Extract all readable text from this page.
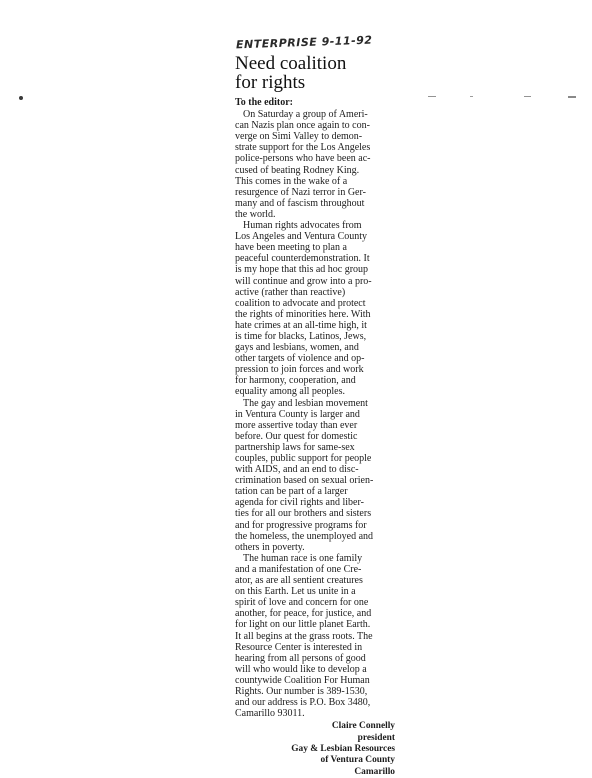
ENTERPRISE 9-11-92
Need coalition
for rights
To the editor:
On Saturday a group of Ameri-
can Nazis plan once again to con-
verge on Simi Valley to demon-
strate support for the Los Angeles
police-persons who have been ac-
cused of beating Rodney King.
This comes in the wake of a
resurgence of Nazi terror in Ger-
many and of fascism throughout
the world.
Human rights advocates from
Los Angeles and Ventura County
have been meeting to plan a
peaceful counterdemonstration. It
is my hope that this ad hoc group
will continue and grow into a pro-
active (rather than reactive)
coalition to advocate and protect
the rights of minorities here. With
hate crimes at an all-time high, it
is time for blacks, Latinos, Jews,
gays and lesbians, women, and
other targets of violence and op-
pression to join forces and work
for harmony, cooperation, and
equality among all peoples.
The gay and lesbian movement
in Ventura County is larger and
more assertive today than ever
before. Our quest for domestic
partnership laws for same-sex
couples, public support for people
with AIDS, and an end to disc-
crimination based on sexual orien-
tation can be part of a larger
agenda for civil rights and liber-
ties for all our brothers and sisters
and for progressive programs for
the homeless, the unemployed and
others in poverty.
The human race is one family
and a manifestation of one Cre-
ator, as are all sentient creatures
on this Earth. Let us unite in a
spirit of love and concern for one
another, for peace, for justice, and
for light on our little planet Earth.
It all begins at the grass roots. The
Resource Center is interested in
hearing from all persons of good
will who would like to develop a
countywide Coalition For Human
Rights. Our number is 389-1530,
and our address is P.O. Box 3480,
Camarillo 93011.
Claire Connelly
president
Gay & Lesbian Resources
of Ventura County
Camarillo
